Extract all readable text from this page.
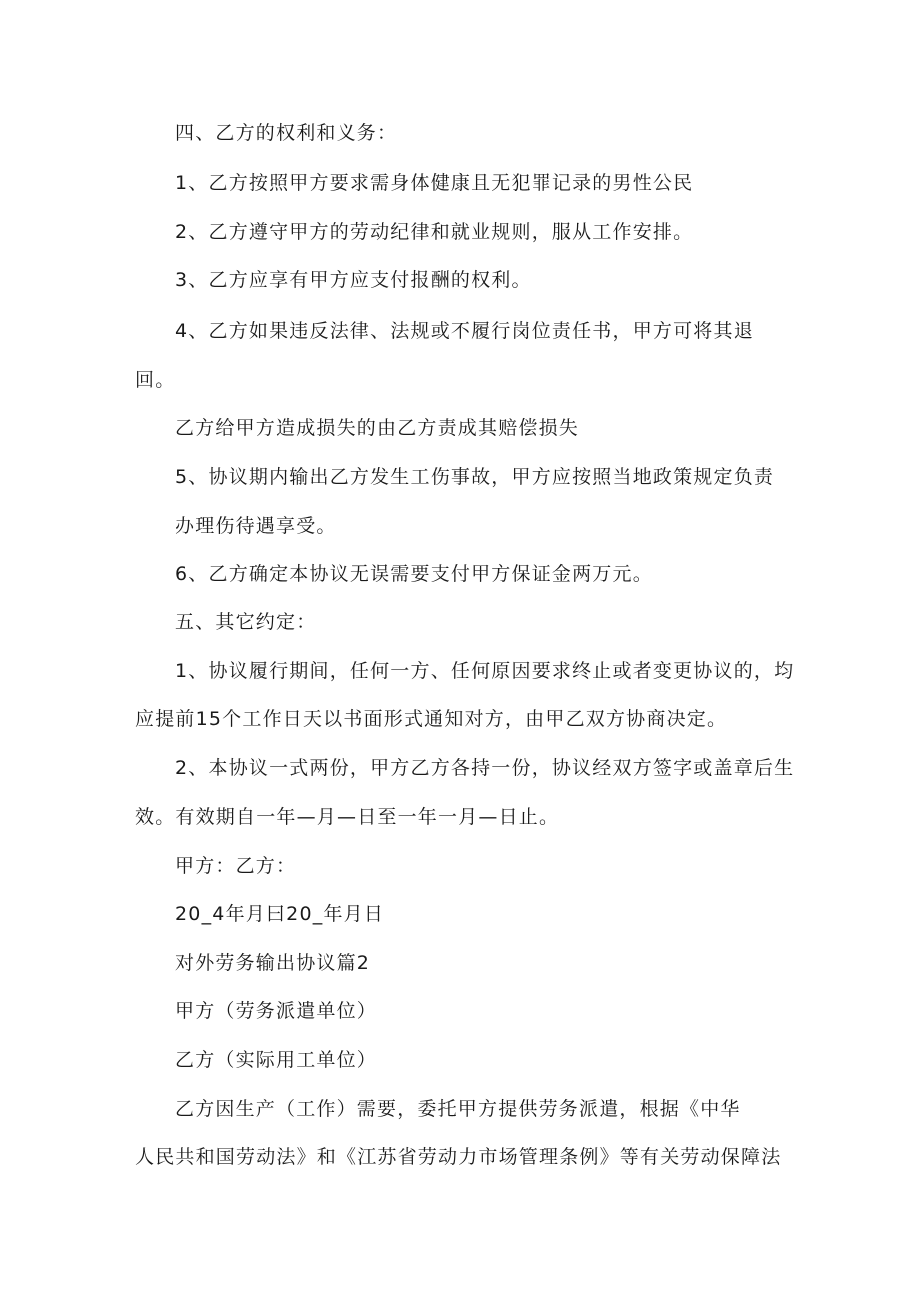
四、乙方的权利和义务：
1、乙方按照甲方要求需身体健康且无犯罪记录的男性公民
2、乙方遵守甲方的劳动纪律和就业规则，服从工作安排。
3、乙方应享有甲方应支付报酬的权利。
4、乙方如果违反法律、法规或不履行岗位责任书，甲方可将其退
回。
乙方给甲方造成损失的由乙方责成其赔偿损失
5、协议期内输出乙方发生工伤事故，甲方应按照当地政策规定负责
办理伤待遇享受。
6、乙方确定本协议无误需要支付甲方保证金两万元。
五、其它约定：
1、协议履行期间，任何一方、任何原因要求终止或者变更协议的，均
应提前15个工作日天以书面形式通知对方，由甲乙双方协商决定。
2、本协议一式两份，甲方乙方各持一份，协议经双方签字或盖章后生
效。有效期自一年—月—日至一年一月—日止。
甲方：乙方：
20_4年月曰20_年月日
对外劳务输出协议篇2
甲方（劳务派遣单位）
乙方（实际用工单位）
乙方因生产（工作）需要，委托甲方提供劳务派遣，根据《中华
人民共和国劳动法》和《江苏省劳动力市场管理条例》等有关劳动保障法
